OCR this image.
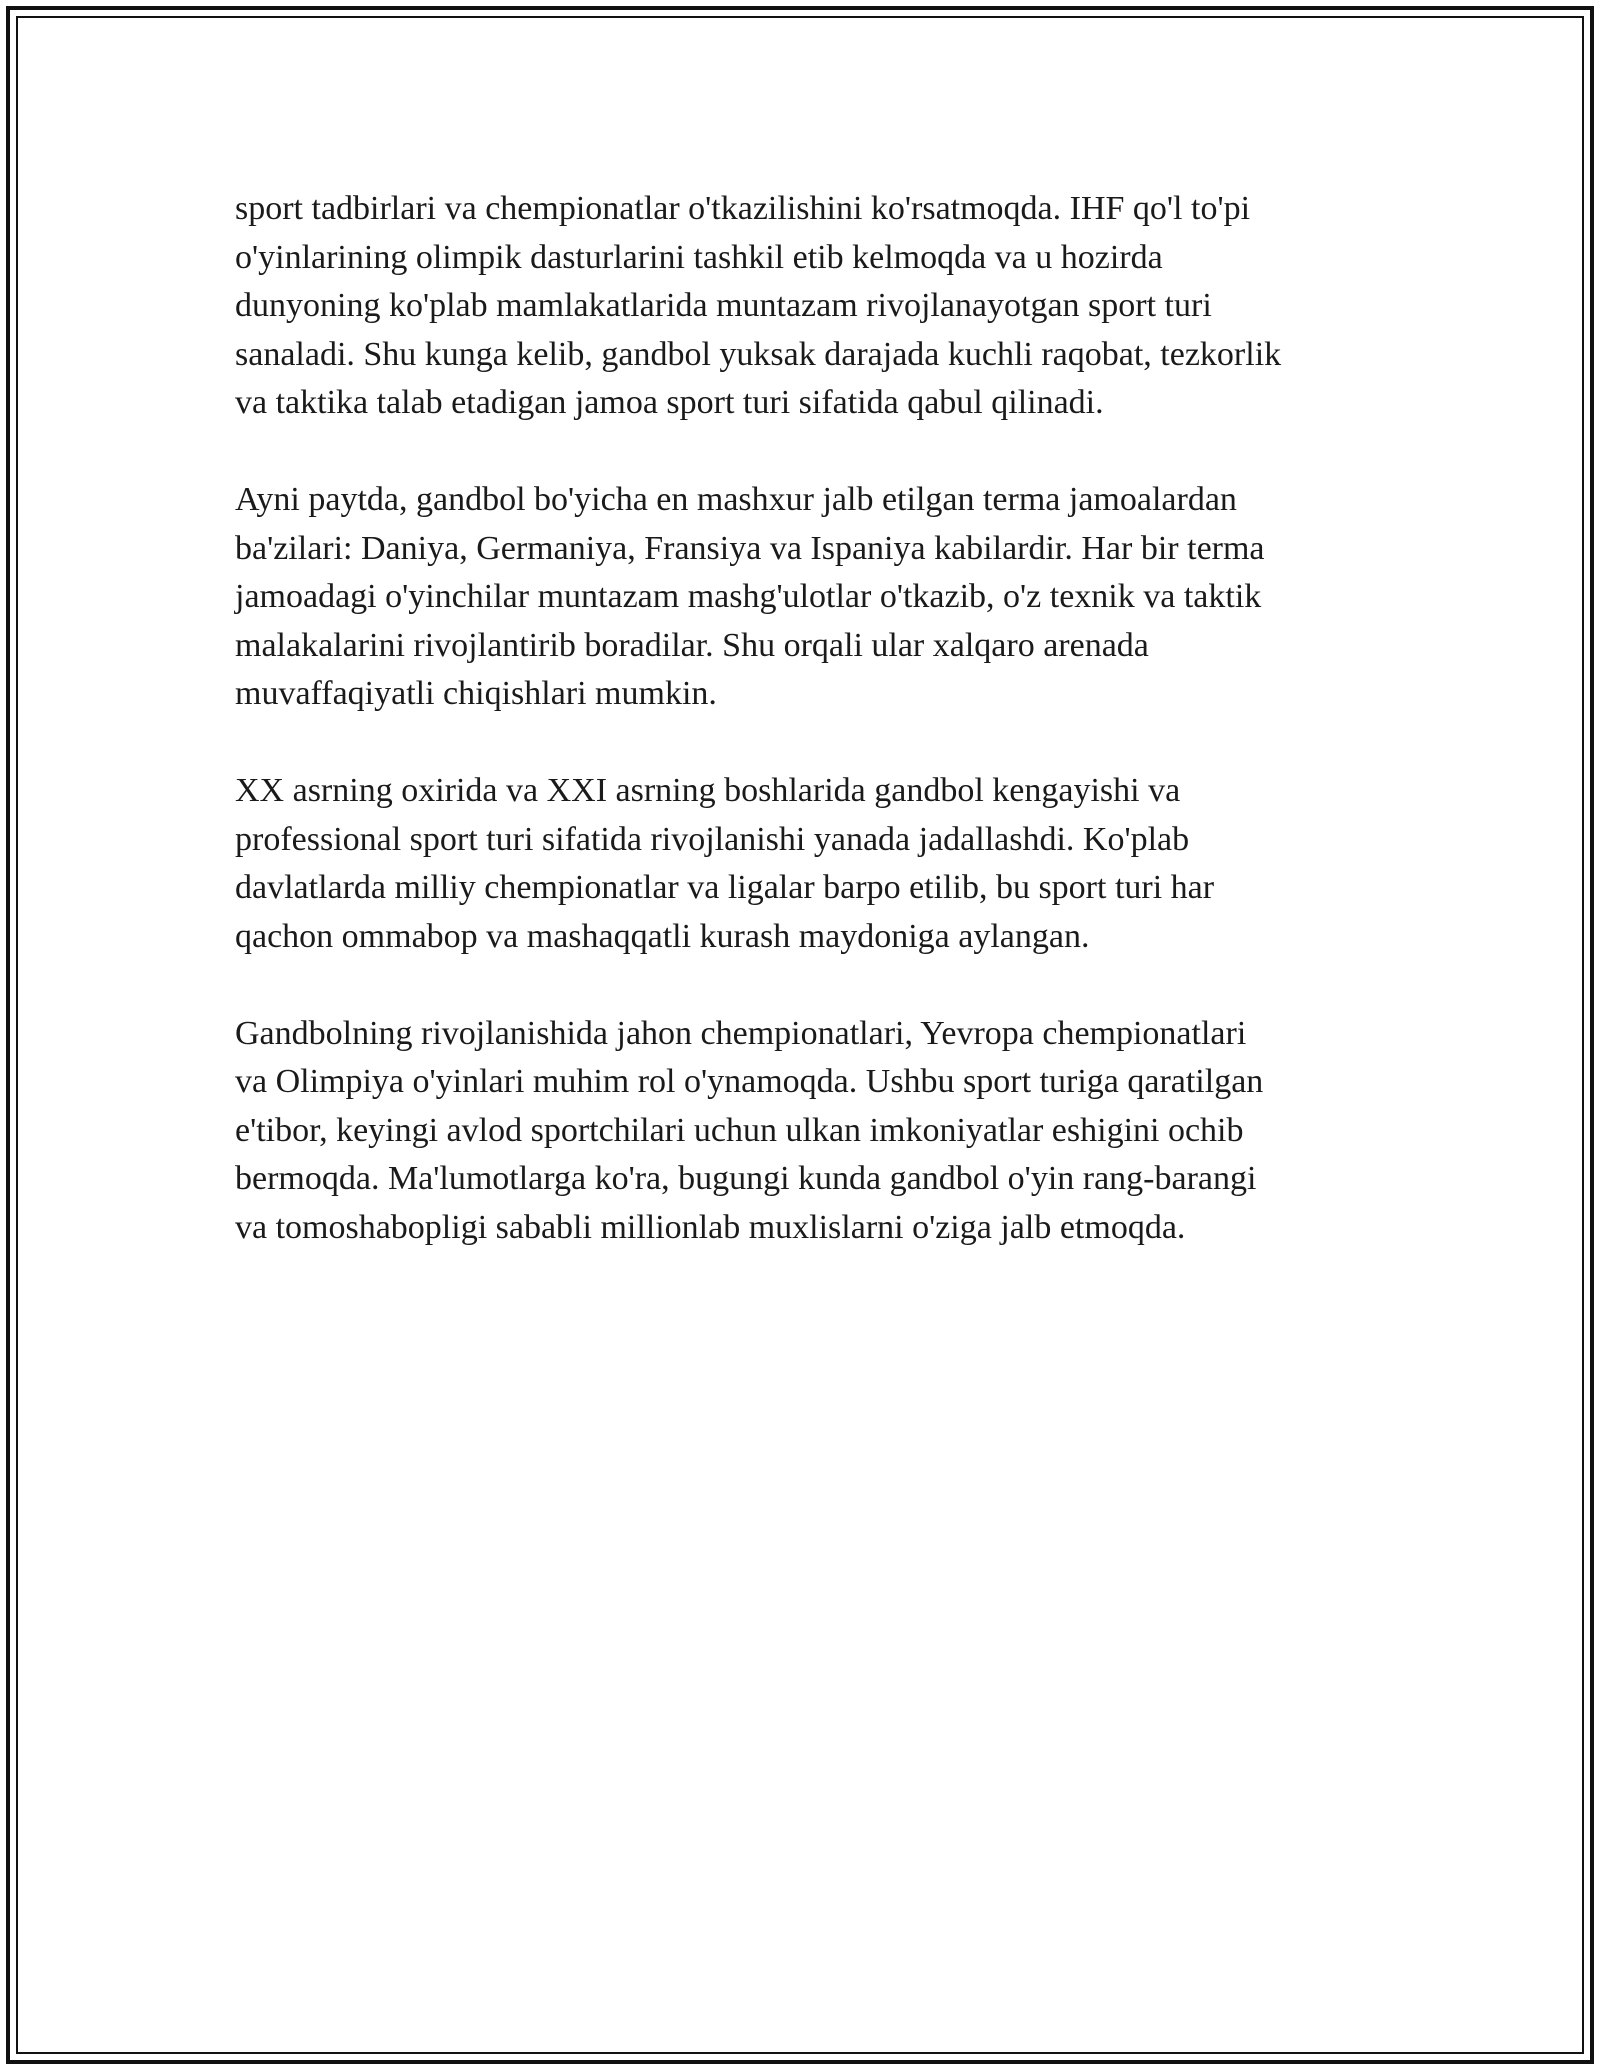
sport tadbirlari va chempionatlar o'tkazilishini ko'rsatmoqda. IHF qo'l to'pi
o'yinlarining olimpik dasturlarini tashkil etib kelmoqda va u hozirda
dunyoning ko'plab mamlakatlarida muntazam rivojlanayotgan sport turi
sanaladi. Shu kunga kelib, gandbol yuksak darajada kuchli raqobat, tezkorlik
va taktika talab etadigan jamoa sport turi sifatida qabul qilinadi.

Ayni paytda, gandbol bo'yicha en mashxur jalb etilgan terma jamoalardan
ba'zilari: Daniya, Germaniya, Fransiya va Ispaniya kabilardir. Har bir terma
jamoadagi o'yinchilar muntazam mashg'ulotlar o'tkazib, o'z texnik va taktik
malakalarini rivojlantirib boradilar. Shu orqali ular xalqaro arenada
muvaffaqiyatli chiqishlari mumkin.

XX asrning oxirida va XXI asrning boshlarida gandbol kengayishi va
professional sport turi sifatida rivojlanishi yanada jadallashdi. Ko'plab
davlatlarda milliy chempionatlar va ligalar barpo etilib, bu sport turi har
qachon ommabop va mashaqqatli kurash maydoniga aylangan.

Gandbolning rivojlanishida jahon chempionatlari, Yevropa chempionatlari
va Olimpiya o'yinlari muhim rol o'ynamoqda. Ushbu sport turiga qaratilgan
e'tibor, keyingi avlod sportchilari uchun ulkan imkoniyatlar eshigini ochib
bermoqda. Ma'lumotlarga ko'ra, bugungi kunda gandbol o'yin rang-barangi
va tomoshabopligi sababli millionlab muxlislarni o'ziga jalb etmoqda.
